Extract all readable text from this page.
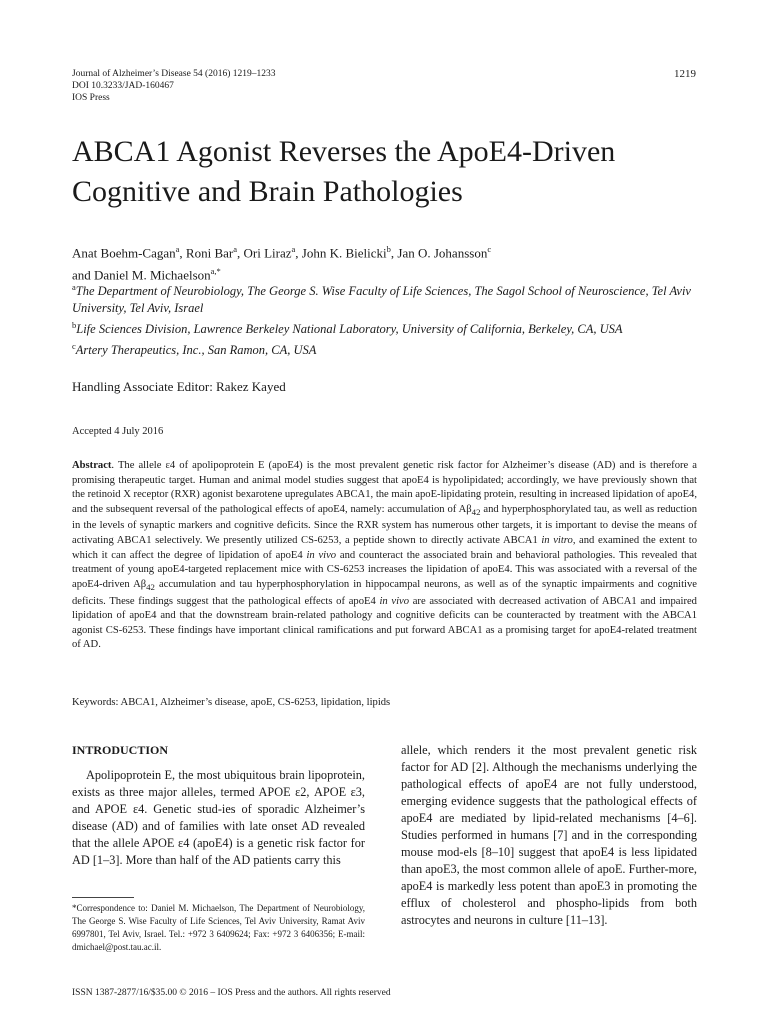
Journal of Alzheimer’s Disease 54 (2016) 1219–1233
DOI 10.3233/JAD-160467
IOS Press
1219
ABCA1 Agonist Reverses the ApoE4-Driven Cognitive and Brain Pathologies
Anat Boehm-Cagan$^a$, Roni Bar$^a$, Ori Liraz$^a$, John K. Bielicki$^b$, Jan O. Johansson$^c$
and Daniel M. Michaelson$^{a,*}$
$^a$The Department of Neurobiology, The George S. Wise Faculty of Life Sciences, The Sagol School of Neuroscience, Tel Aviv University, Tel Aviv, Israel
$^b$Life Sciences Division, Lawrence Berkeley National Laboratory, University of California, Berkeley, CA, USA
$^c$Artery Therapeutics, Inc., San Ramon, CA, USA
Handling Associate Editor: Rakez Kayed
Accepted 4 July 2016
Abstract. The allele ε4 of apolipoprotein E (apoE4) is the most prevalent genetic risk factor for Alzheimer’s disease (AD) and is therefore a promising therapeutic target. Human and animal model studies suggest that apoE4 is hypolipidated; accordingly, we have previously shown that the retinoid X receptor (RXR) agonist bexarotene upregulates ABCA1, the main apoE-lipidating protein, resulting in increased lipidation of apoE4, and the subsequent reversal of the pathological effects of apoE4, namely: accumulation of $A\beta_{42}$ and hyperphosphorylated tau, as well as reduction in the levels of synaptic markers and cognitive deficits. Since the RXR system has numerous other targets, it is important to devise the means of activating ABCA1 selectively. We presently utilized CS-6253, a peptide shown to directly activate ABCA1 in vitro, and examined the extent to which it can affect the degree of lipidation of apoE4 in vivo and counteract the associated brain and behavioral pathologies. This revealed that treatment of young apoE4-targeted replacement mice with CS-6253 increases the lipidation of apoE4. This was associated with a reversal of the apoE4-driven $A\beta_{42}$ accumulation and tau hyperphosphorylation in hippocampal neurons, as well as of the synaptic impairments and cognitive deficits. These findings suggest that the pathological effects of apoE4 in vivo are associated with decreased activation of ABCA1 and impaired lipidation of apoE4 and that the downstream brain-related pathology and cognitive deficits can be counteracted by treatment with the ABCA1 agonist CS-6253. These findings have important clinical ramifications and put forward ABCA1 as a promising target for apoE4-related treatment of AD.
Keywords: ABCA1, Alzheimer’s disease, apoE, CS-6253, lipidation, lipids
INTRODUCTION

Apolipoprotein E, the most ubiquitous brain lipoprotein, exists as three major alleles, termed APOE ε2, APOE ε3, and APOE ε4. Genetic stud-ies of sporadic Alzheimer’s disease (AD) and of families with late onset AD revealed that the allele APOE ε4 (apoE4) is a genetic risk factor for AD [1–3]. More than half of the AD patients carry this

allele, which renders it the most prevalent genetic risk factor for AD [2]. Although the mechanisms underlying the pathological effects of apoE4 are not fully understood, emerging evidence suggests that the pathological effects of apoE4 are mediated by lipid-related mechanisms [4–6]. Studies performed in humans [7] and in the corresponding mouse mod-els [8–10] suggest that apoE4 is less lipidated than apoE3, the most common allele of apoE. Further-more, apoE4 is markedly less potent than apoE3 in promoting the efflux of cholesterol and phospho-lipids from both astrocytes and neurons in culture [11–13].

*Correspondence to: Daniel M. Michaelson, The Department of Neurobiology, The George S. Wise Faculty of Life Sciences, Tel Aviv University, Ramat Aviv 6997801, Tel Aviv, Israel. Tel.: +972 3 6409624; Fax: +972 3 6406356; E-mail: dmichael@post.tau.ac.il.
ISSN 1387-2877/16/$35.00 © 2016 – IOS Press and the authors. All rights reserved
